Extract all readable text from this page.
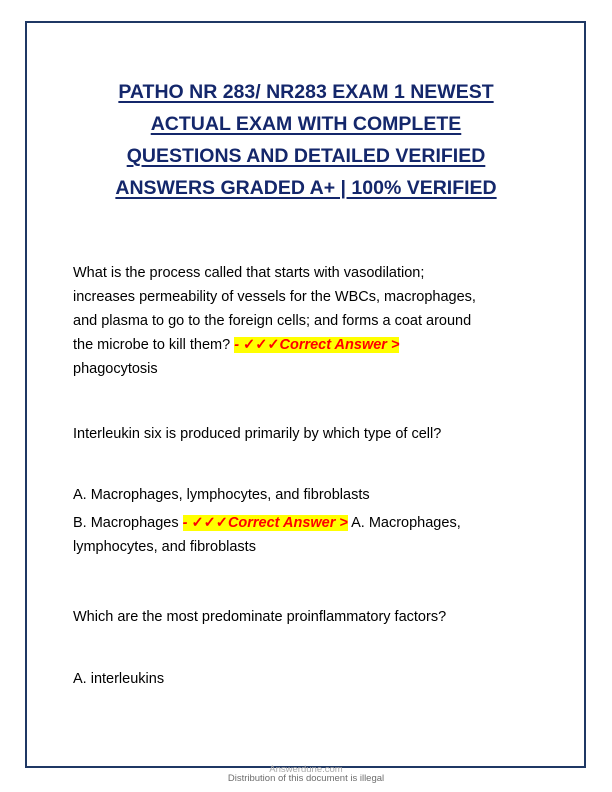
PATHO NR 283/ NR283 EXAM 1 NEWEST
ACTUAL EXAM WITH COMPLETE
QUESTIONS AND DETAILED VERIFIED
ANSWERS GRADED A+ | 100% VERIFIED
What is the process called that starts with vasodilation;
increases permeability of vessels for the WBCs, macrophages,
and plasma to go to the foreign cells; and forms a coat around
the microbe to kill them? - ✓✓✓Correct Answer >
phagocytosis
Interleukin six is produced primarily by which type of cell?
A. Macrophages, lymphocytes, and fibroblasts
B. Macrophages - ✓✓✓Correct Answer > A. Macrophages,
lymphocytes, and fibroblasts
Which are the most predominate proinflammatory factors?
A. interleukins
Answerdune.com
Distribution of this document is illegal
